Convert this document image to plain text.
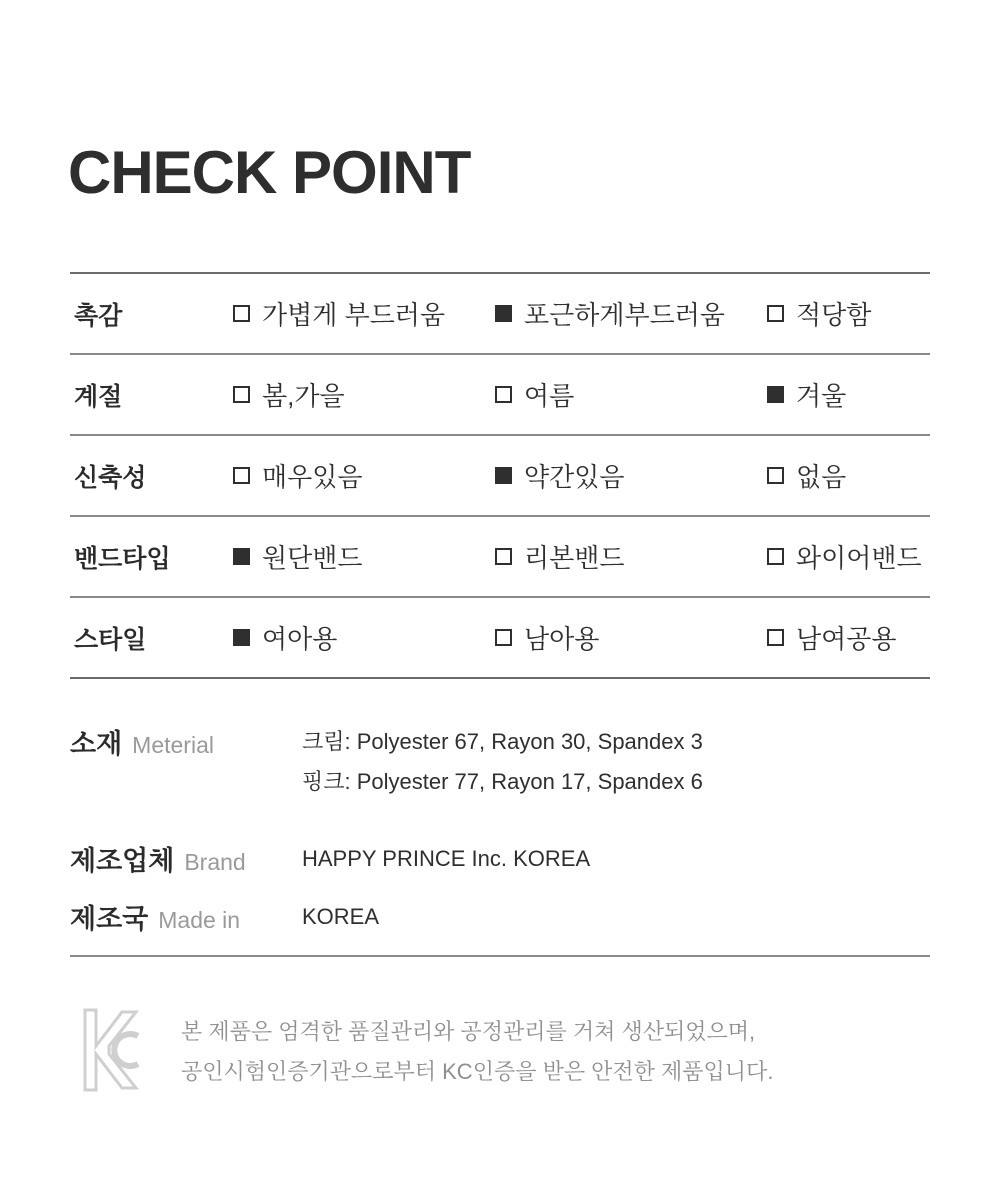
CHECK POINT
촉감	가볍게 부드러움	포근하게부드러움	적당함
계절	봄,가을	여름	겨울
신축성	매우있음	약간있음	없음
밴드타입	원단밴드	리본밴드	와이어밴드
스타일	여아용	남아용	남여공용
소재 Meterial	크림: Polyester 67, Rayon 30, Spandex 3
핑크: Polyester 77, Rayon 17, Spandex 6
제조업체 Brand	HAPPY PRINCE Inc. KOREA
제조국 Made in	KOREA
본 제품은 엄격한 품질관리와 공정관리를 거쳐 생산되었으며,
공인시험인증기관으로부터 KC인증을 받은 안전한 제품입니다.
